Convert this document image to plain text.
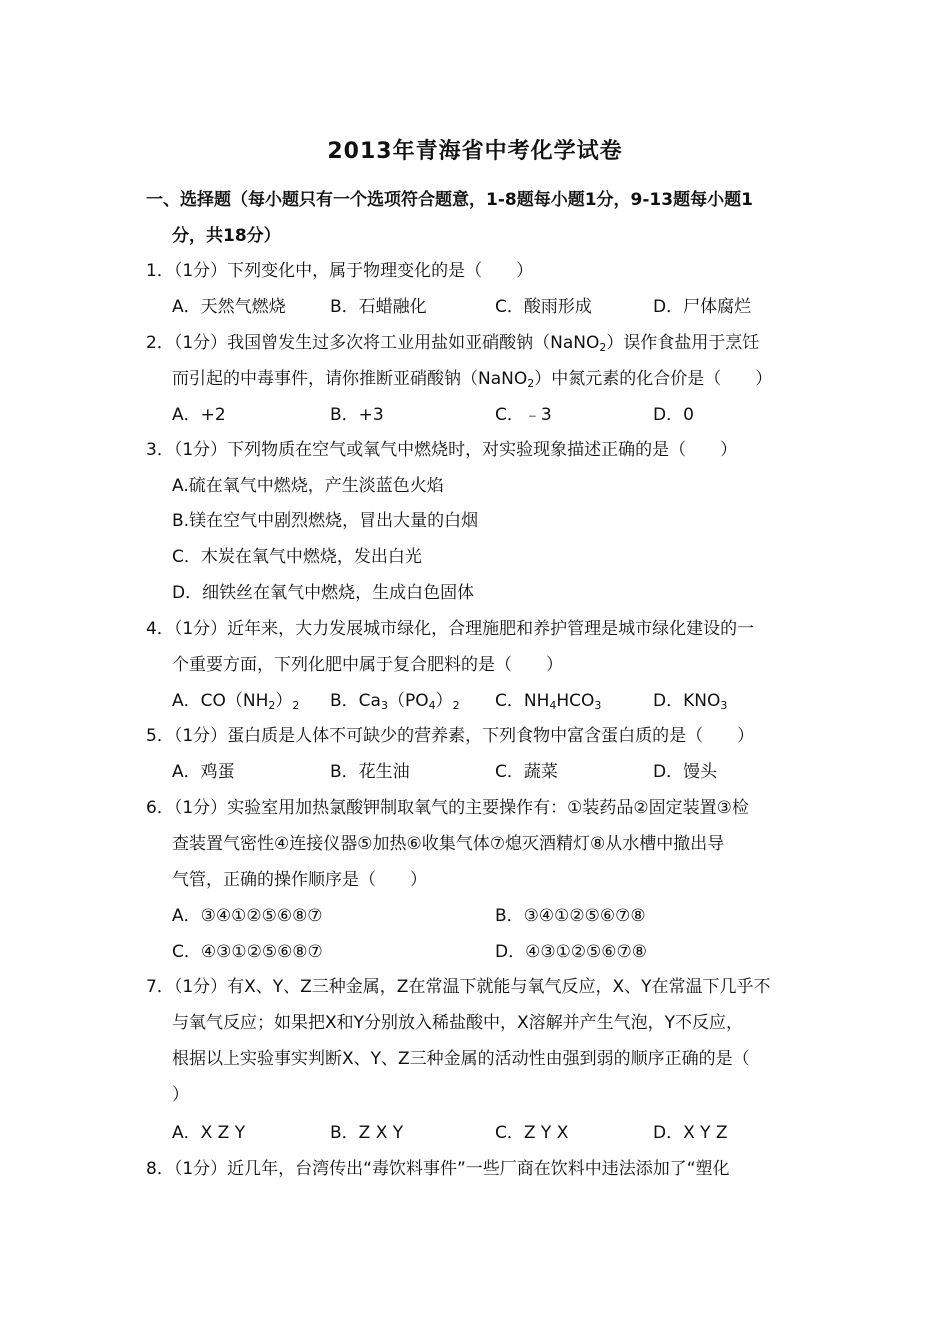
2013年青海省中考化学试卷
一、选择题（每小题只有一个选项符合题意，1-8题每小题1分，9-13题每小题1
分，共18分）
1．（1分）下列变化中，属于物理变化的是（　　）
A．天然气燃烧	B．石蜡融化	C．酸雨形成	D．尸体腐烂
2．（1分）我国曾发生过多次将工业用盐如亚硝酸钠（NaNO$_2$）误作食盐用于烹饪
而引起的中毒事件，请你推断亚硝酸钠（NaNO$_2$）中氮元素的化合价是（　　）
A．+2	B．+3	C．﹣3	D．0
3．（1分）下列物质在空气或氧气中燃烧时，对实验现象描述正确的是（　　）
A.硫在氧气中燃烧，产生淡蓝色火焰
B.镁在空气中剧烈燃烧，冒出大量的白烟
C．木炭在氧气中燃烧，发出白光
D．细铁丝在氧气中燃烧，生成白色固体
4．（1分）近年来，大力发展城市绿化，合理施肥和养护管理是城市绿化建设的一
个重要方面，下列化肥中属于复合肥料的是（　　）
A．$CO(NH_2)_2$ B．$Ca_3(PO_4)_2$ C．$NH_4HCO_3$	D．$KNO_3$
5．（1分）蛋白质是人体不可缺少的营养素，下列食物中富含蛋白质的是（　　）
A．鸡蛋	B．花生油	C．蔬菜	D．馒头
6．（1分）实验室用加热氯酸钾制取氧气的主要操作有：①装药品②固定装置③检
查装置气密性④连接仪器⑤加热⑥收集气体⑦熄灭酒精灯⑧从水槽中撤出导
气管，正确的操作顺序是（　　）
A．③④①②⑤⑥⑧⑦	B．③④①②⑤⑥⑦⑧
C．④③①②⑤⑥⑧⑦	D．④③①②⑤⑥⑦⑧
7．（1分）有X、Y、Z三种金属，Z在常温下就能与氧气反应，X、Y在常温下几乎不
与氧气反应；如果把X和Y分别放入稀盐酸中，X溶解并产生气泡，Y不反应，
根据以上实验事实判断X、Y、Z三种金属的活动性由强到弱的顺序正确的是（
）
A．X Z Y	B．Z X Y	C．Z Y X	D．X Y Z
8．（1分）近几年，台湾传出“毒饮料事件”一些厂商在饮料中违法添加了“塑化
